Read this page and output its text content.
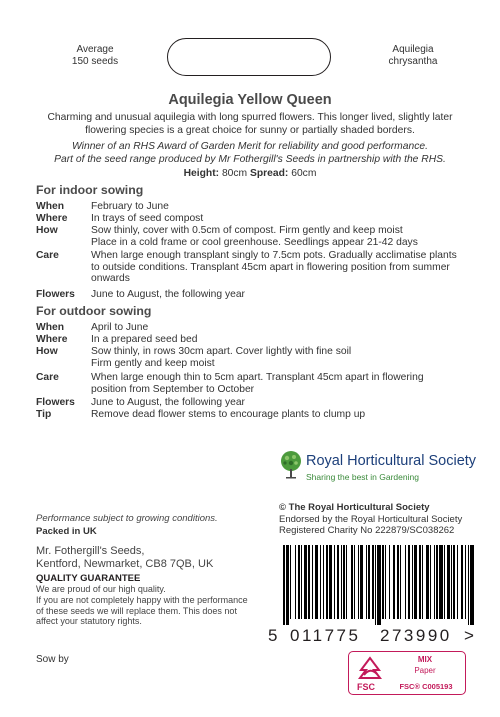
Average
150 seeds
Aquilegia
chrysantha
Aquilegia Yellow Queen
Charming and unusual aquilegia with long spurred flowers. This longer lived, slightly later
flowering species is a great choice for sunny or partially shaded borders.
Winner of an RHS Award of Garden Merit for reliability and good performance.
Part of the seed range produced by Mr Fothergill's Seeds in partnership with the RHS.
Height: 80cm Spread: 60cm
For indoor sowing
When	February to June
Where	In trays of seed compost
How	Sow thinly, cover with 0.5cm of compost. Firm gently and keep moist
Place in a cold frame or cool greenhouse. Seedlings appear 21-42 days
Care	When large enough transplant singly to 7.5cm pots. Gradually acclimatise plants
to outside conditions. Transplant 45cm apart in flowering position from summer
onwards
Flowers	June to August, the following year
For outdoor sowing
When	April to June
Where	In a prepared seed bed
How	Sow thinly, in rows 30cm apart. Cover lightly with fine soil
Firm gently and keep moist
Care	When large enough thin to 5cm apart. Transplant 45cm apart in flowering
position from September to October
Flowers	June to August, the following year
Tip	Remove dead flower stems to encourage plants to clump up
Royal Horticultural Society
Sharing the best in Gardening
Performance subject to growing conditions.
Packed in UK
Mr. Fothergill's Seeds,
Kentford, Newmarket, CB8 7QB, UK
QUALITY GUARANTEE
We are proud of our high quality.
If you are not completely happy with the performance
of these seeds we will replace them. This does not
affect your statutory rights.
Sow by
© The Royal Horticultural Society
Endorsed by the Royal Horticultural Society
Registered Charity No 222879/SC038262
5 011775 273990 >
FSC
MIX
Paper
FSC® C005193
